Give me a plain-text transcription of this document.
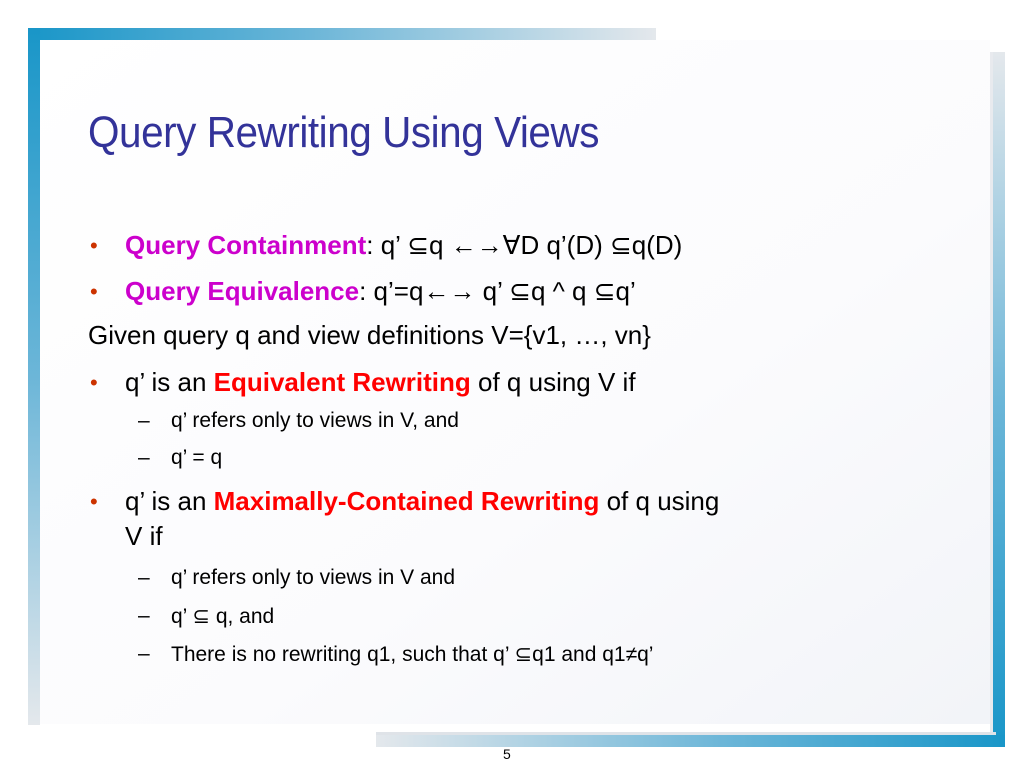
Query Rewriting Using Views
• Query Containment: q’ ⊆q ←→∀D q’(D) ⊆q(D)
• Query Equivalence: q’=q←→ q’ ⊆q ^ q ⊆q’
Given query q and view definitions V={v1, …, vn}
• q’ is an Equivalent Rewriting of q using V if
– q’ refers only to views in V, and
– q’ = q
• q’ is an Maximally-Contained Rewriting of q using
V if
– q’ refers only to views in V and
– q’ ⊆ q, and
– There is no rewriting q1, such that q’ ⊆q1 and q1≠q’
5
